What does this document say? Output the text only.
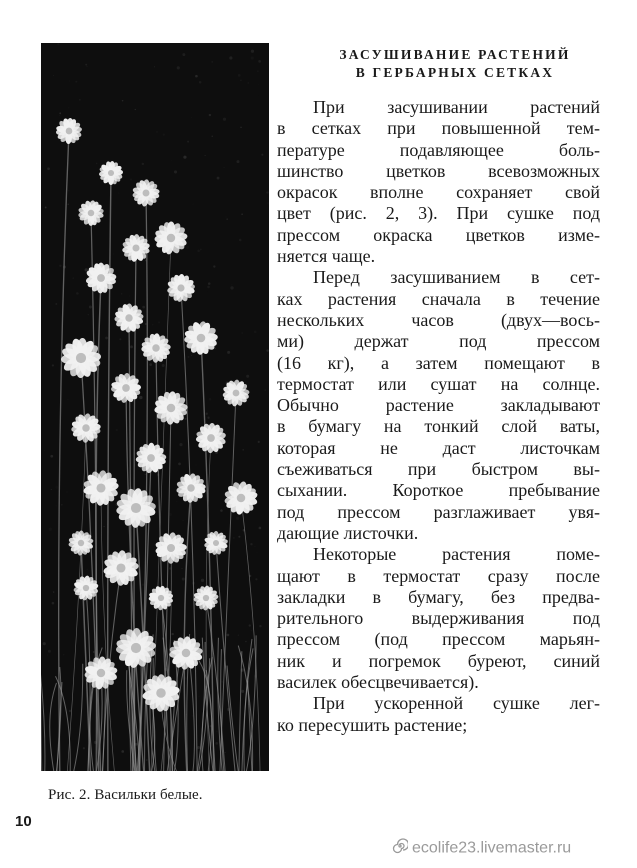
ЗАСУШИВАНИЕ РАСТЕНИЙ
В ГЕРБАРНЫХ СЕТКАХ
При засушивании растений
в сетках при повышенной тем-
пературе подавляющее боль-
шинство цветков всевозможных
окрасок вполне сохраняет свой
цвет (рис. 2, 3). При сушке под
прессом окраска цветков изме-
няется чаще.
Перед засушиванием в сет-
ках растения сначала в течение
нескольких часов (двух—вось-
ми) держат под прессом
(16 кг), а затем помещают в
термостат или сушат на солнце.
Обычно растение закладывают
в бумагу на тонкий слой ваты,
которая не даст листочкам
съеживаться при быстром вы-
сыхании. Короткое пребывание
под прессом разглаживает увя-
дающие листочки.
Некоторые растения поме-
щают в термостат сразу после
закладки в бумагу, без предва-
рительного выдерживания под
прессом (под прессом марьян-
ник и погремок буреют, синий
василек обесцвечивается).
При ускоренной сушке лег-
ко пересушить растение;
Рис. 2. Васильки белые.
10
ecolife23.livemaster.ru
